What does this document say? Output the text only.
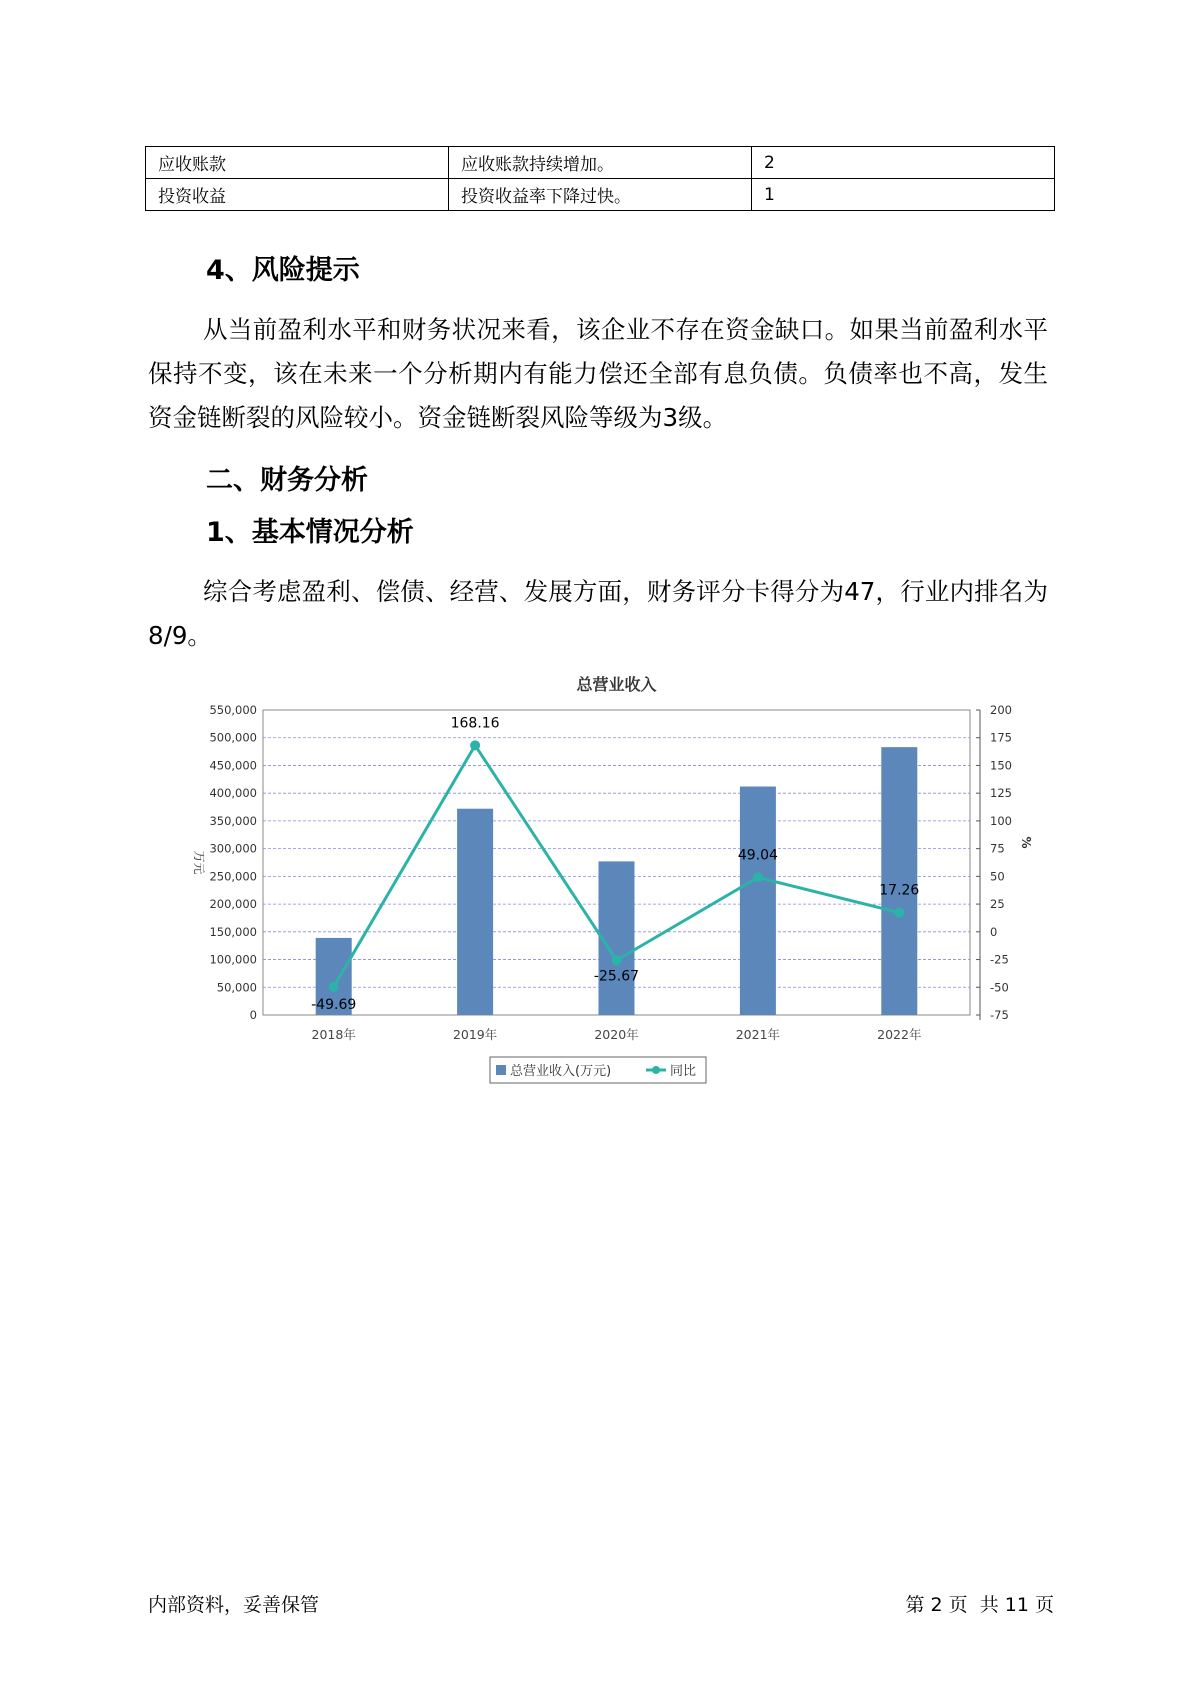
应收账款	应收账款持续增加。	2
投资收益	投资收益率下降过快。	1
4、风险提示

从当前盈利水平和财务状况来看，该企业不存在资金缺口。如果当前盈利水平保持不变，该在未来一个分析期内有能力偿还全部有息负债。负债率也不高，发生资金链断裂的风险较小。资金链断裂风险等级为3级。

二、财务分析
1、基本情况分析

综合考虑盈利、偿债、经营、发展方面，财务评分卡得分为47，行业内排名为8/9。

总营业收入
550,000
500,000
450,000
400,000
350,000
300,000
250,000
200,000
150,000
100,000
50,000
0
200
175
150
125
100
75
50
25
0
-25
-50
-75
万元
%
2018年	2019年	2020年	2021年	2022年
-49.69
168.16
-25.67
49.04
17.26
总营业收入(万元)	同比
内部资料，妥善保管	第 2 页  共 11 页
